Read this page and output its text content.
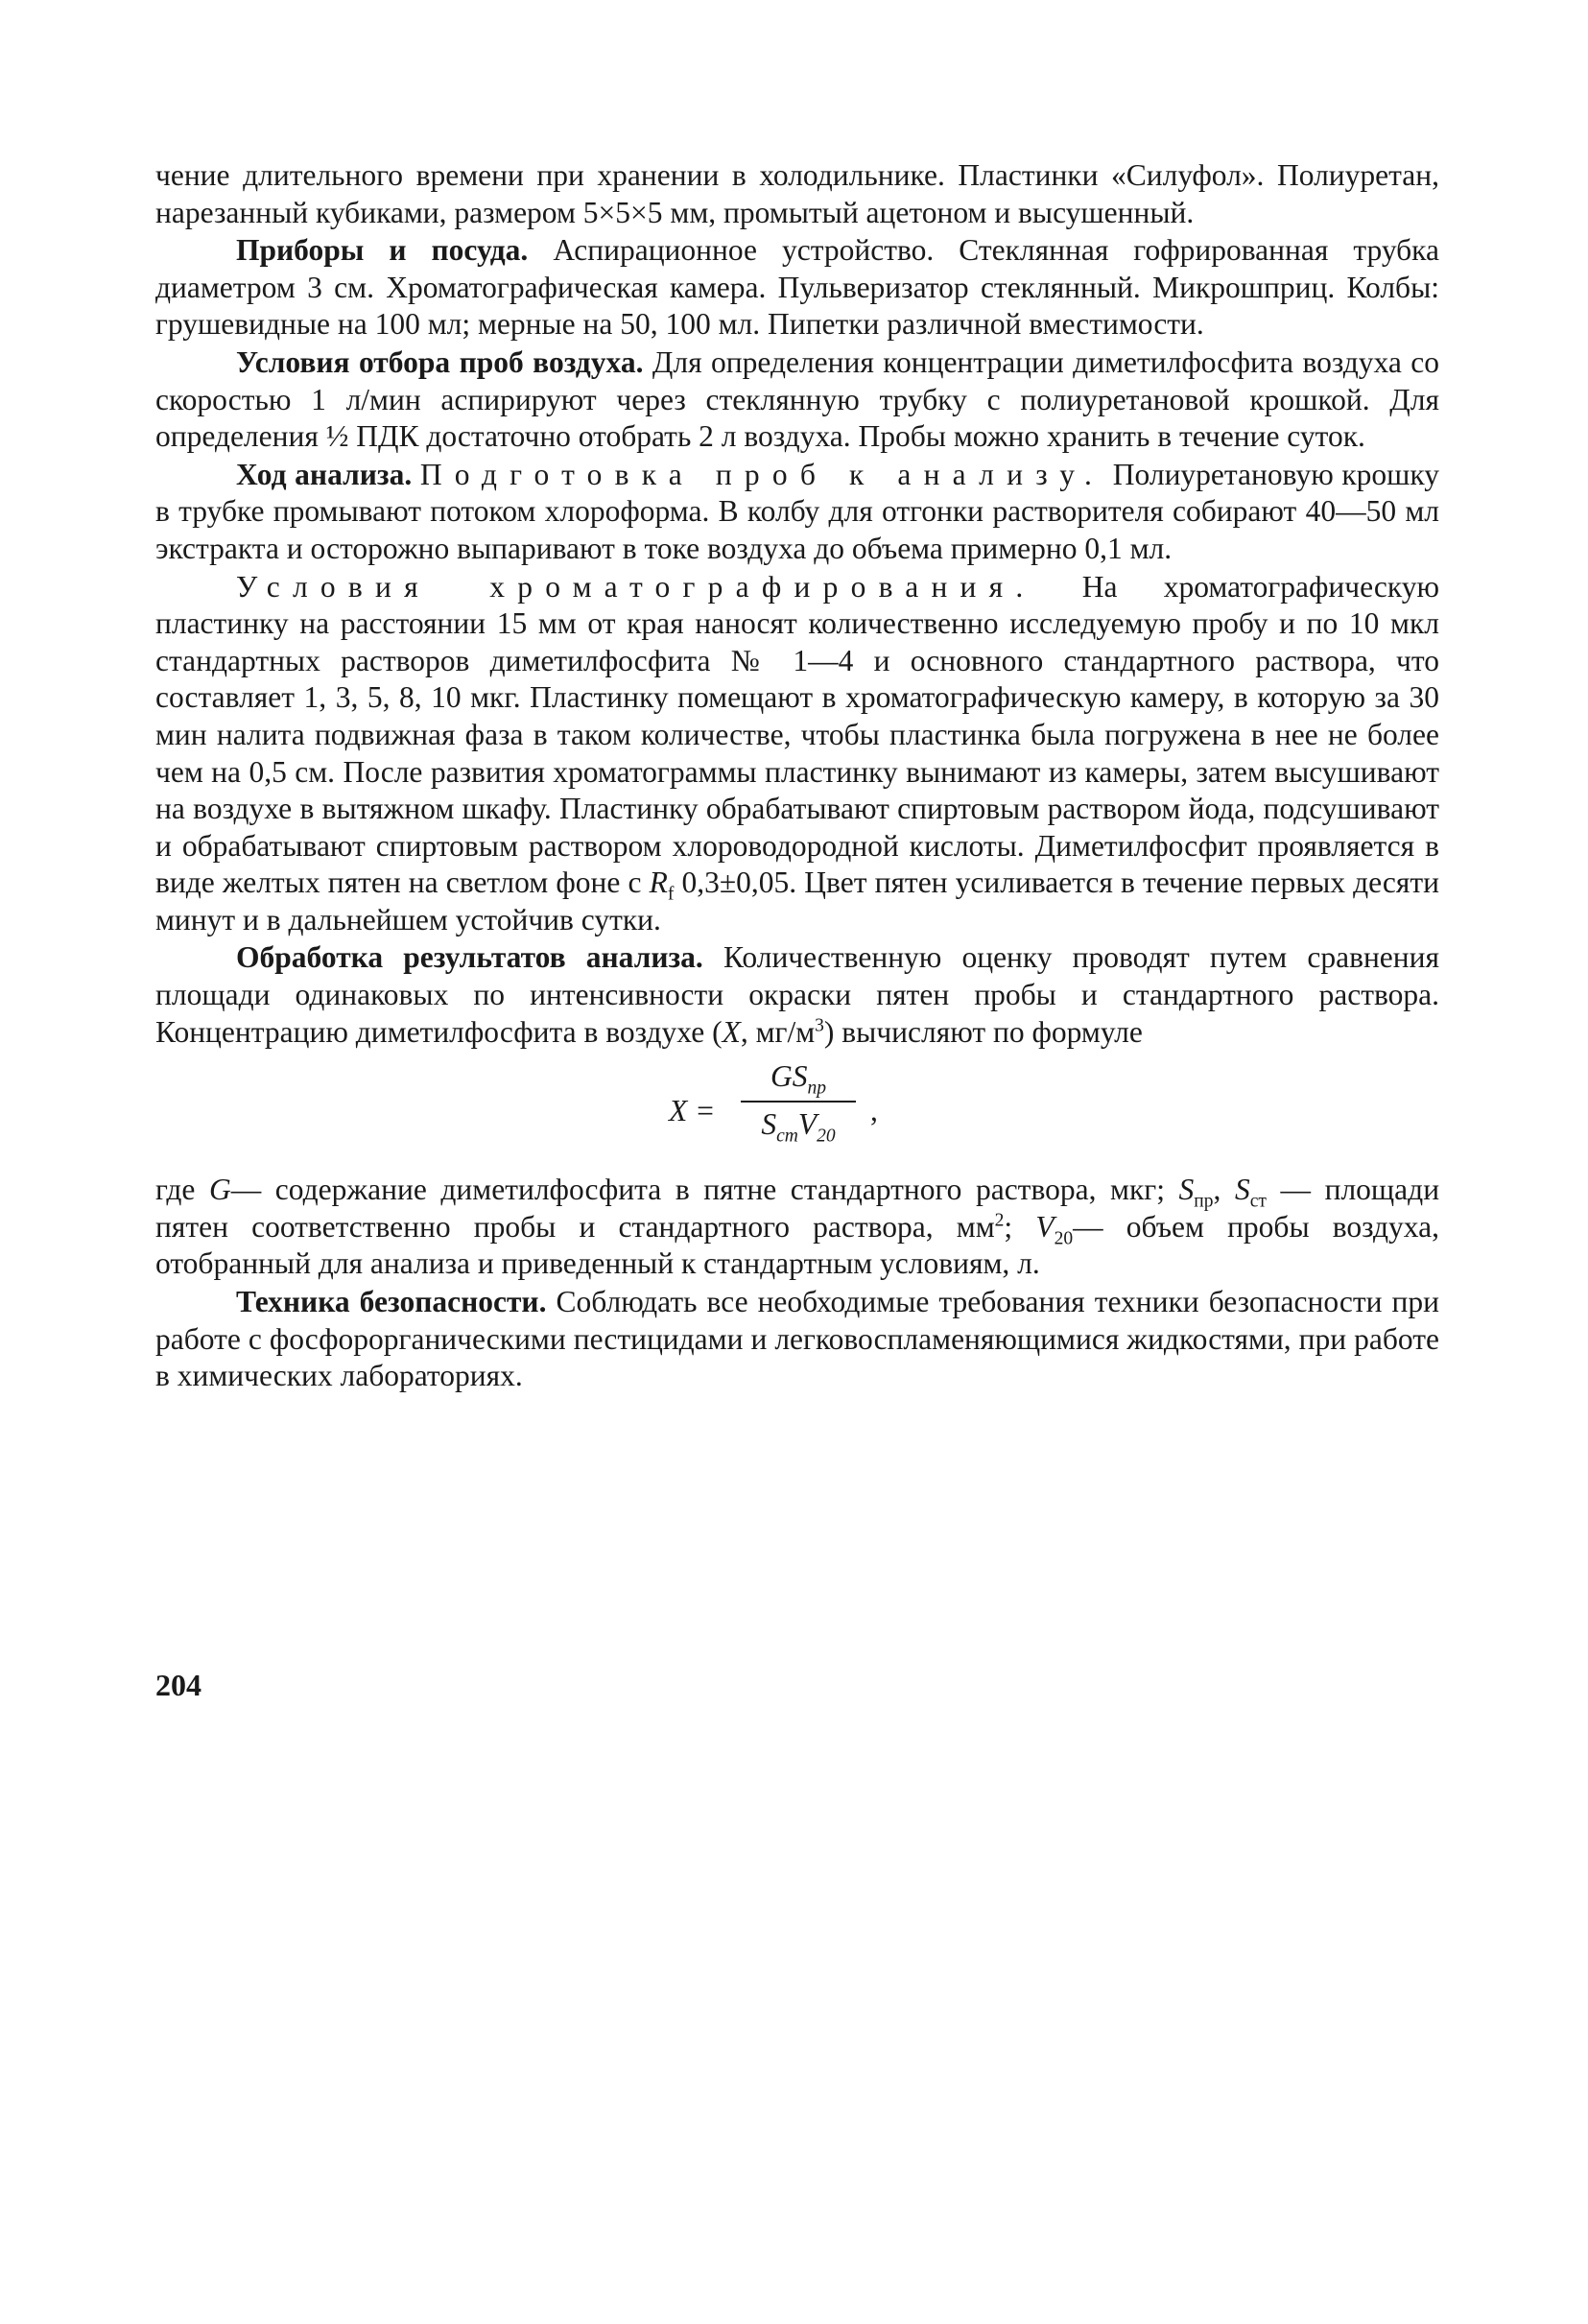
чение длительного времени при хранении в холодильнике. Пластинки «Силуфол». Полиуретан, нарезанный кубиками, размером 5×5×5 мм, промытый ацетоном и высушенный.

Приборы и посуда. Аспирационное устройство. Стеклянная гофрированная трубка диаметром 3 см. Хроматографическая камера. Пульверизатор стеклянный. Микрошприц. Колбы: грушевидные на 100 мл; мерные на 50, 100 мл. Пипетки различной вместимости.

Условия отбора проб воздуха. Для определения концентрации диметилфосфита воздуха со скоростью 1 л/мин аспирируют через стеклянную трубку с полиуретановой крошкой. Для определения ½ ПДК достаточно отобрать 2 л воздуха. Пробы можно хранить в течение суток.

Ход анализа. Подготовка проб к анализу. Полиуретановую крошку в трубке промывают потоком хлороформа. В колбу для отгонки растворителя собирают 40—50 мл экстракта и осторожно выпаривают в токе воздуха до объема примерно 0,1 мл.

Условия хроматографирования. На хроматографическую пластинку на расстоянии 15 мм от края наносят количественно исследуемую пробу и по 10 мкл стандартных растворов диметилфосфита № 1—4 и основного стандартного раствора, что составляет 1, 3, 5, 8, 10 мкг. Пластинку помещают в хроматографическую камеру, в которую за 30 мин налита подвижная фаза в таком количестве, чтобы пластинка была погружена в нее не более чем на 0,5 см. После развития хроматограммы пластинку вынимают из камеры, затем высушивают на воздухе в вытяжном шкафу. Пластинку обрабатывают спиртовым раствором йода, подсушивают и обрабатывают спиртовым раствором хлороводородной кислоты. Диметилфосфит проявляется в виде желтых пятен на светлом фоне с $R_f$ 0,3±0,05. Цвет пятен усиливается в течение первых десяти минут и в дальнейшем устойчив сутки.

Обработка результатов анализа. Количественную оценку проводят путем сравнения площади одинаковых по интенсивности окраски пятен пробы и стандартного раствора. Концентрацию диметилфосфита в воздухе (X, $мг/м^3$) вычисляют по формуле

X =
$GS_{пр}$
$S_{ст}V_{20}$
,

где G— содержание диметилфосфита в пятне стандартного раствора, мкг; $S_{пр}$, $S_{ст}$ — площади пятен соответственно пробы и стандартного раствора, $мм^2$; $V_{20}—$ объем пробы воздуха, отобранный для анализа и приведенный к стандартным условиям, л.

Техника безопасности. Соблюдать все необходимые требования техники безопасности при работе с фосфорорганическими пестицидами и легковоспламеняющимися жидкостями, при работе в химических лабораториях.

204
